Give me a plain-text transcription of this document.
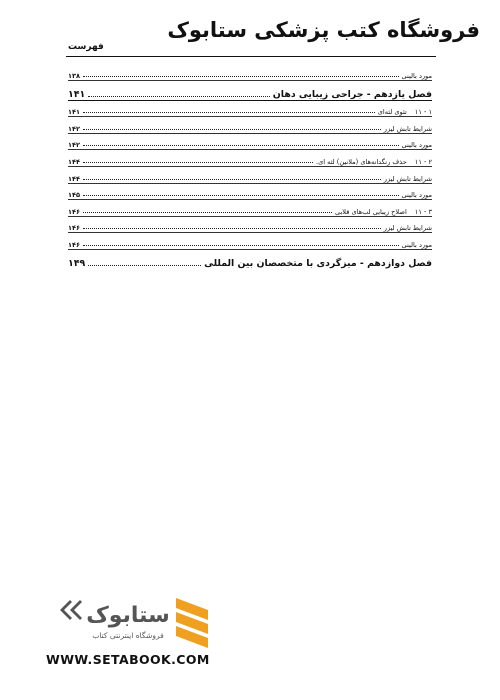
فروشگاه کتب پزشکی ستابوک
فهرست
مورد بالینی
۱۳۸
فصل یازدهم - جراحی زیبایی دهان
۱۴۱
۱ - ۱۱
تئوی لثه‌ای
۱۴۱
شرایط تابش لیزر
۱۴۲
مورد بالینی
۱۴۲
۲ - ۱۱
حذف رنگدانه‌های (ملانین) لثه ای.
۱۴۴
شرایط تابش لیزر
۱۴۴
مورد بالینی
۱۴۵
۳ - ۱۱
اصلاح زیبایی لب‌های قلابی
۱۴۶
شرایط تابش لیزر
۱۴۶
مورد بالینی
۱۴۶
فصل دوازدهم - میزگردی با متخصصان بین المللی
۱۴۹
ستابوک
فروشگاه اینترنتی کتاب
WWW.SETABOOK.COM
